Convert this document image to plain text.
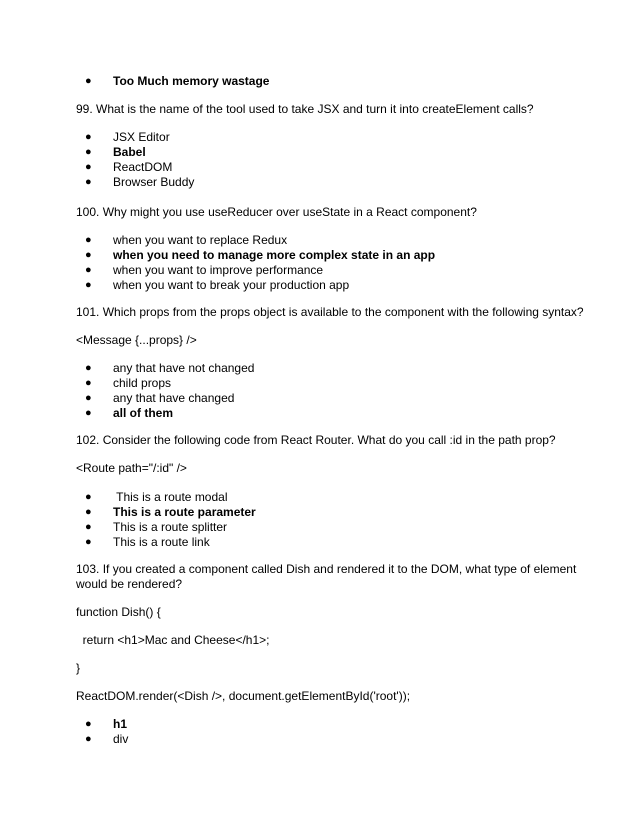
● Too Much memory wastage
99. What is the name of the tool used to take JSX and turn it into createElement calls?
● JSX Editor
● Babel
● ReactDOM
● Browser Buddy
100. Why might you use useReducer over useState in a React component?
● when you want to replace Redux
● when you need to manage more complex state in an app
● when you want to improve performance
● when you want to break your production app
101. Which props from the props object is available to the component with the following syntax?
<Message {...props} />
● any that have not changed
● child props
● any that have changed
● all of them
102. Consider the following code from React Router. What do you call :id in the path prop?
<Route path="/:id" />
● This is a route modal
● This is a route parameter
● This is a route splitter
● This is a route link
103. If you created a component called Dish and rendered it to the DOM, what type of element would be rendered?
function Dish() {
return <h1>Mac and Cheese</h1>;
}
ReactDOM.render(<Dish />, document.getElementById('root'));
● h1
● div
